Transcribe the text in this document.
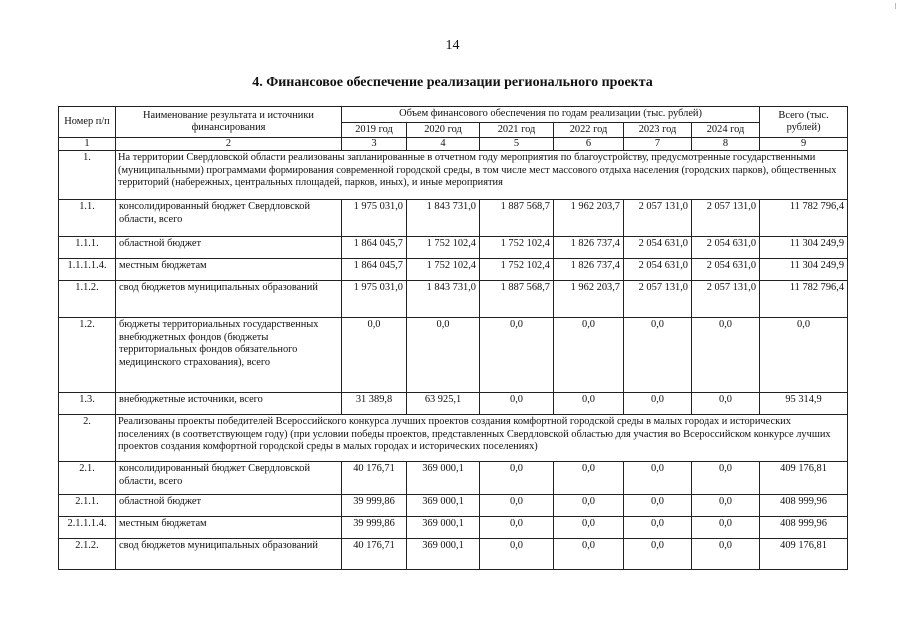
14
4. Финансовое обеспечение реализации регионального проекта
Номер п/п	Наименование результата и источники финансирования	Объем финансового обеспечения по годам реализации (тыс. рублей)						Всего (тыс. рублей)
		2019 год	2020 год	2021 год	2022 год	2023 год	2024 год	
1	2	3	4	5	6	7	8	9
1.	На территории Свердловской области реализованы запланированные в отчетном году мероприятия по благоустройству, предусмотренные государственными (муниципальными) программами формирования современной городской среды, в том числе мест массового отдыха населения (городских парков), общественных территорий (набережных, центральных площадей, парков, иных), и иные мероприятия							
1.1.	консолидированный бюджет Свердловской области, всего	1 975 031,0	1 843 731,0	1 887 568,7	1 962 203,7	2 057 131,0	2 057 131,0	11 782 796,4
1.1.1.	областной бюджет	1 864 045,7	1 752 102,4	1 752 102,4	1 826 737,4	2 054 631,0	2 054 631,0	11 304 249,9
1.1.1.1.4.	местным бюджетам	1 864 045,7	1 752 102,4	1 752 102,4	1 826 737,4	2 054 631,0	2 054 631,0	11 304 249,9
1.1.2.	свод бюджетов муниципальных образований	1 975 031,0	1 843 731,0	1 887 568,7	1 962 203,7	2 057 131,0	2 057 131,0	11 782 796,4
1.2.	бюджеты территориальных государственных внебюджетных фондов (бюджеты территориальных фондов обязательного медицинского страхования), всего	0,0	0,0	0,0	0,0	0,0	0,0	0,0
1.3.	внебюджетные источники, всего	31 389,8	63 925,1	0,0	0,0	0,0	0,0	95 314,9
2.	Реализованы проекты победителей Всероссийского конкурса лучших проектов создания комфортной городской среды в малых городах и исторических поселениях (в соответствующем году) (при условии победы проектов, представленных Свердловской областью для участия во Всероссийском конкурсе лучших проектов создания комфортной городской среды в малых городах и исторических поселениях)							
2.1.	консолидированный бюджет Свердловской области, всего	40 176,71	369 000,1	0,0	0,0	0,0	0,0	409 176,81
2.1.1.	областной бюджет	39 999,86	369 000,1	0,0	0,0	0,0	0,0	408 999,96
2.1.1.1.4.	местным бюджетам	39 999,86	369 000,1	0,0	0,0	0,0	0,0	408 999,96
2.1.2.	свод бюджетов муниципальных образований	40 176,71	369 000,1	0,0	0,0	0,0	0,0	409 176,81
